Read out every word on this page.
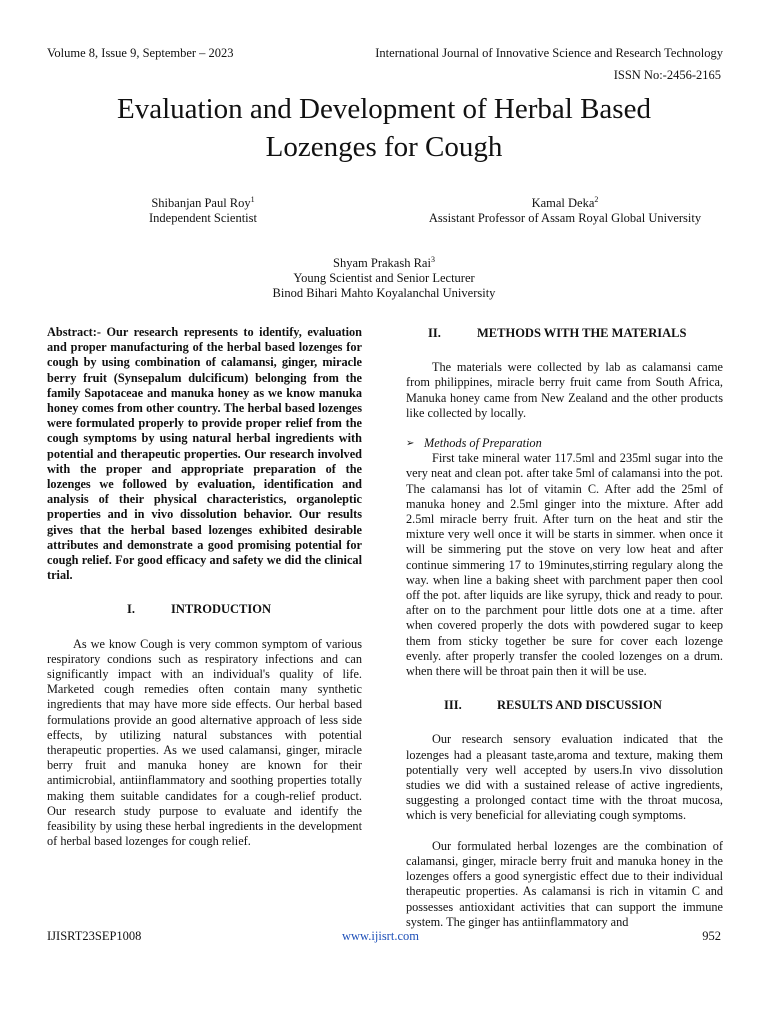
Volume 8, Issue 9, September – 2023	International Journal of Innovative Science and Research Technology
ISSN No:-2456-2165
Evaluation and Development of Herbal Based
Lozenges for Cough
Shibanjan Paul Roy$^1$
Independent Scientist
Kamal Deka$^2$
Assistant Professor of Assam Royal Global University
Shyam Prakash Rai$^3$
Young Scientist and Senior Lecturer
Binod Bihari Mahto Koyalanchal University

Abstract:- Our research represents to identify, evaluation and proper manufacturing of the herbal based lozenges for cough by using combination of calamansi, ginger, miracle berry fruit (Synsepalum dulcificum) belonging from the family Sapotaceae and manuka honey as we know manuka honey comes from other country. The herbal based lozenges were formulated properly to provide proper relief from the cough symptoms by using natural herbal ingredients with potential and therapeutic properties. Our research involved with the proper and appropriate preparation of the lozenges we followed by evaluation, identification and analysis of their physical characteristics, organoleptic properties and in vivo dissolution behavior. Our results gives that the herbal based lozenges exhibited desirable attributes and demonstrate a good promising potential for cough relief. For good efficacy and safety we did the clinical trial.

I.	INTRODUCTION

As we know Cough is very common symptom of various respiratory condions such as respiratory infections and can significantly impact with an individual's quality of life. Marketed cough remedies often contain many synthetic ingredients that may have more side effects. Our herbal based formulations provide an good alternative approach of less side effects, by utilizing natural substances with potential therapeutic properties. As we used calamansi, ginger, miracle berry fruit and manuka honey are known for their antimicrobial, antiinflammatory and soothing properties totally making them suitable candidates for a cough-relief product. Our research study purpose to evaluate and identify the feasibility by using these herbal ingredients in the development of herbal based lozenges for cough relief.

II.	METHODS WITH THE MATERIALS

The materials were collected by lab as calamansi came from philippines, miracle berry fruit came from South Africa, Manuka honey came from New Zealand and the other products like collected by locally.

➢ Methods of Preparation

First take mineral water 117.5ml and 235ml sugar into the very neat and clean pot. after take 5ml of calamansi into the pot. The calamansi has lot of vitamin C. After add the 25ml of manuka honey and 2.5ml ginger into the mixture. After add 2.5ml miracle berry fruit. After turn on the heat and stir the mixture very well once it will be starts in simmer. when once it will be simmering put the stove on very low heat and after continue simmering 17 to 19minutes,stirring regulary along the way. when line a baking sheet with parchment paper then cool off the pot. after liquids are like syrupy, thick and ready to pour. after on to the parchment pour little dots one at a time. after when covered properly the dots with powdered sugar to keep them from sticky together be sure for cover each lozenge evenly. after properly transfer the cooled lozenges on a drum. when there will be throat pain then it will be use.

III.	RESULTS AND DISCUSSION

Our research sensory evaluation indicated that the lozenges had a pleasant taste,aroma and texture, making them potentially very well accepted by users.In vivo dissolution studies we did with a sustained release of active ingredients, suggesting a prolonged contact time with the throat mucosa, which is very beneficial for alleviating cough symptoms.

Our formulated herbal lozenges are the combination of calamansi, ginger, miracle berry fruit and manuka honey in the lozenges offers a good synergistic effect due to their individual therapeutic properties. As calamansi is rich in vitamin C and possesses antioxidant activities that can support the immune system. The ginger has antiinflammatory and

IJISRT23SEP1008	www.ijisrt.com	952
